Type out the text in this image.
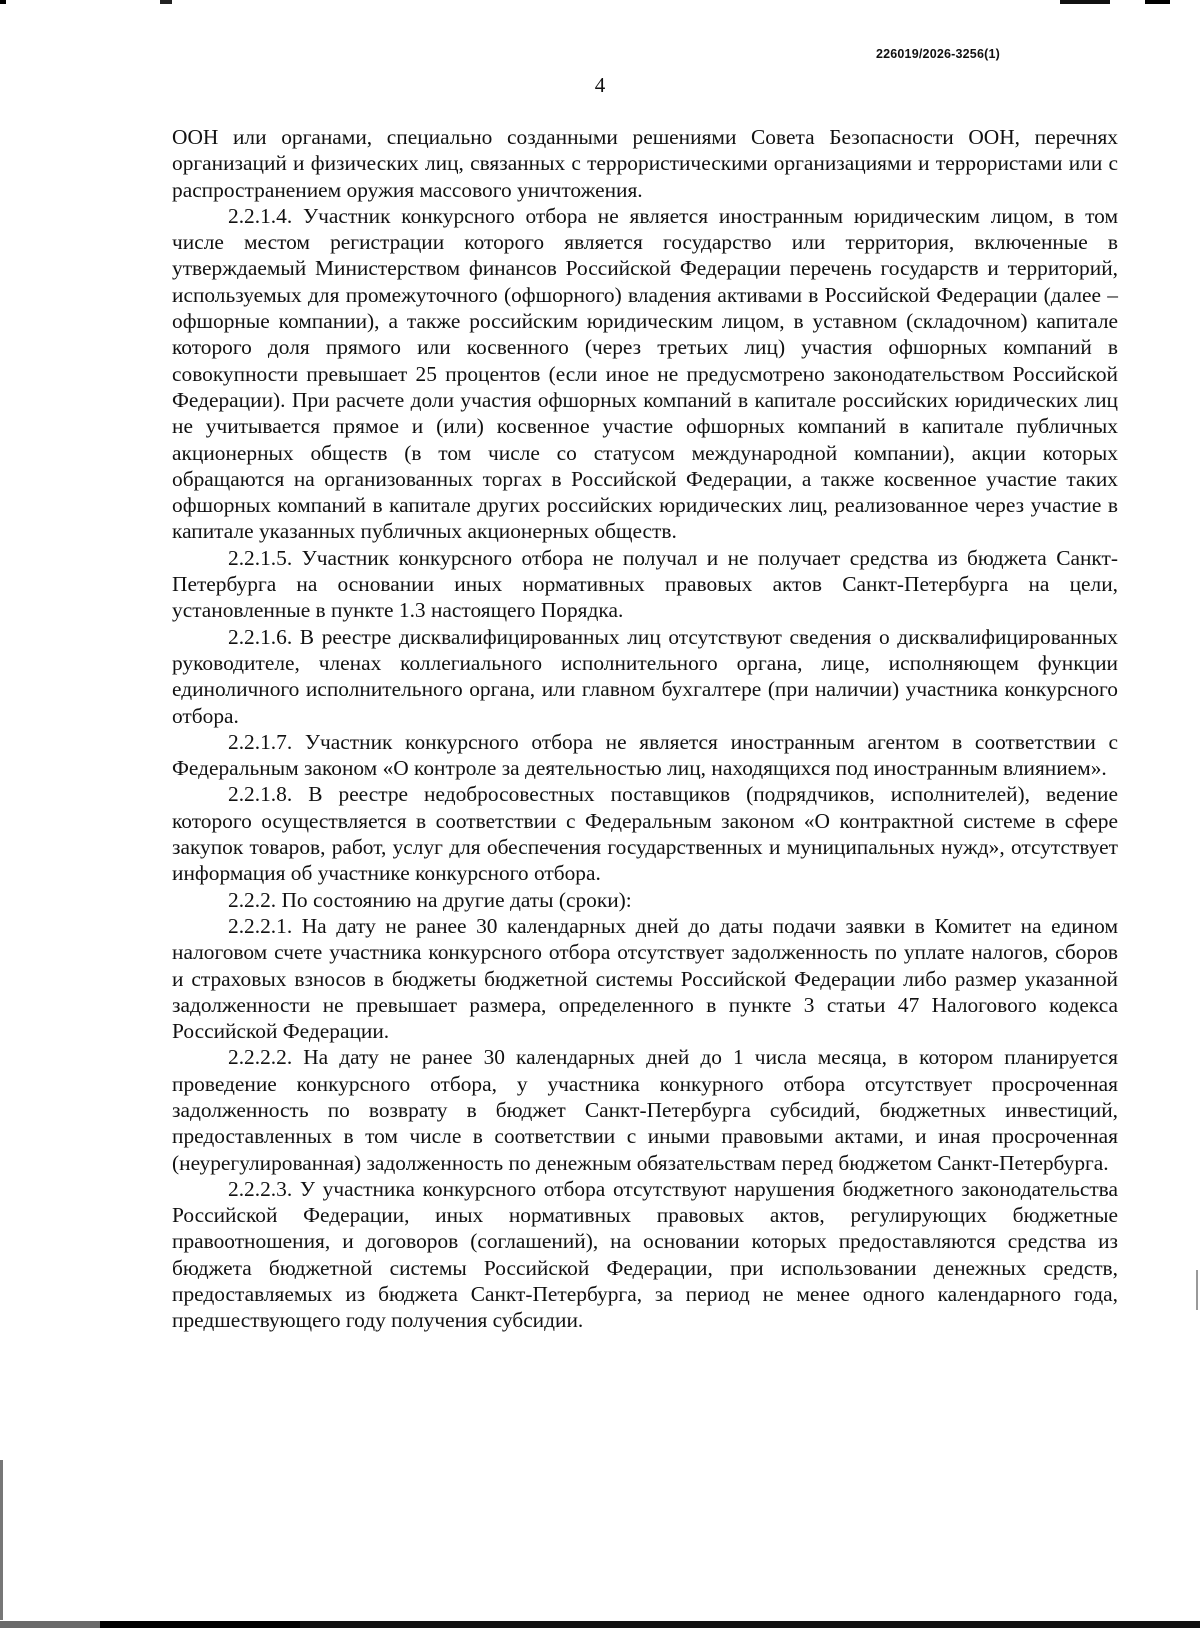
226019/2026-3256(1)
4

ООН или органами, специально созданными решениями Совета Безопасности ООН, перечнях организаций и физических лиц, связанных с террористическими организациями и террористами или с распространением оружия массового уничтожения.

2.2.1.4. Участник конкурсного отбора не является иностранным юридическим лицом, в том числе местом регистрации которого является государство или территория, включенные в утверждаемый Министерством финансов Российской Федерации перечень государств и территорий, используемых для промежуточного (офшорного) владения активами в Российской Федерации (далее – офшорные компании), а также российским юридическим лицом, в уставном (складочном) капитале которого доля прямого или косвенного (через третьих лиц) участия офшорных компаний в совокупности превышает 25 процентов (если иное не предусмотрено законодательством Российской Федерации). При расчете доли участия офшорных компаний в капитале российских юридических лиц не учитывается прямое и (или) косвенное участие офшорных компаний в капитале публичных акционерных обществ (в том числе со статусом международной компании), акции которых обращаются на организованных торгах в Российской Федерации, а также косвенное участие таких офшорных компаний в капитале других российских юридических лиц, реализованное через участие в капитале указанных публичных акционерных обществ.

2.2.1.5. Участник конкурсного отбора не получал и не получает средства из бюджета Санкт-Петербурга на основании иных нормативных правовых актов Санкт-Петербурга на цели, установленные в пункте 1.3 настоящего Порядка.

2.2.1.6. В реестре дисквалифицированных лиц отсутствуют сведения о дисквалифицированных руководителе, членах коллегиального исполнительного органа, лице, исполняющем функции единоличного исполнительного органа, или главном бухгалтере (при наличии) участника конкурсного отбора.

2.2.1.7. Участник конкурсного отбора не является иностранным агентом в соответствии с Федеральным законом «О контроле за деятельностью лиц, находящихся под иностранным влиянием».

2.2.1.8. В реестре недобросовестных поставщиков (подрядчиков, исполнителей), ведение которого осуществляется в соответствии с Федеральным законом «О контрактной системе в сфере закупок товаров, работ, услуг для обеспечения государственных и муниципальных нужд», отсутствует информация об участнике конкурсного отбора.

2.2.2. По состоянию на другие даты (сроки):

2.2.2.1. На дату не ранее 30 календарных дней до даты подачи заявки в Комитет на едином налоговом счете участника конкурсного отбора отсутствует задолженность по уплате налогов, сборов и страховых взносов в бюджеты бюджетной системы Российской Федерации либо размер указанной задолженности не превышает размера, определенного в пункте 3 статьи 47 Налогового кодекса Российской Федерации.

2.2.2.2. На дату не ранее 30 календарных дней до 1 числа месяца, в котором планируется проведение конкурсного отбора, у участника конкурного отбора отсутствует просроченная задолженность по возврату в бюджет Санкт-Петербурга субсидий, бюджетных инвестиций, предоставленных в том числе в соответствии с иными правовыми актами, и иная просроченная (неурегулированная) задолженность по денежным обязательствам перед бюджетом Санкт-Петербурга.

2.2.2.3. У участника конкурсного отбора отсутствуют нарушения бюджетного законодательства Российской Федерации, иных нормативных правовых актов, регулирующих бюджетные правоотношения, и договоров (соглашений), на основании которых предоставляются средства из бюджета бюджетной системы Российской Федерации, при использовании денежных средств, предоставляемых из бюджета Санкт-Петербурга, за период не менее одного календарного года, предшествующего году получения субсидии.
